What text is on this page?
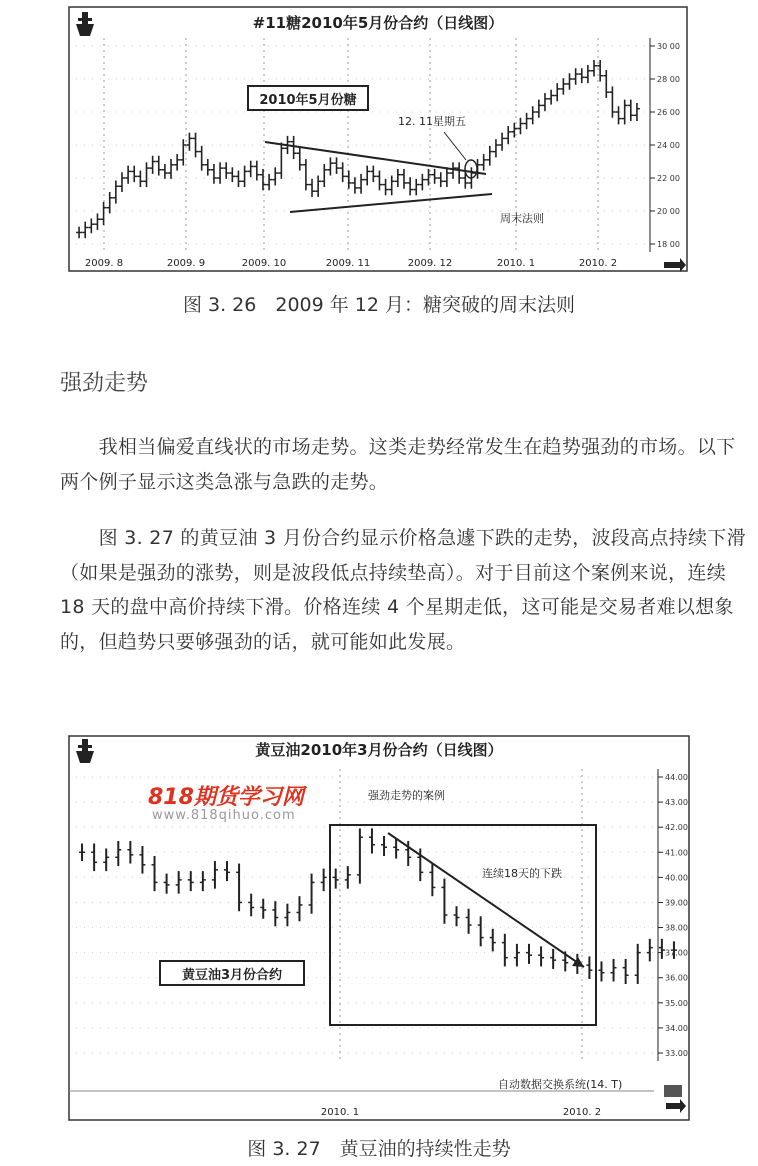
30 00
28 00
26 00
24 00
22 00
20 00
18 00
2009. 8	2009. 9	2009. 10	2009. 11	2009. 12	2010. 1	2010. 2
#11糖2010年5月份合约（日线图）
2010年5月份糖
12. 11星期五
周末法则
图 3. 26　2009 年 12 月：糖突破的周末法则
强劲走势
　　我相当偏爱直线状的市场走势。这类走势经常发生在趋势强劲的市场。以下两个例子显示这类急涨与急跌的走势。
　　图 3. 27 的黄豆油 3 月份合约显示价格急遽下跌的走势，波段高点持续下滑（如果是强劲的涨势，则是波段低点持续垫高）。对于目前这个案例来说，连续 18 天的盘中高价持续下滑。价格连续 4 个星期走低，这可能是交易者难以想象的，但趋势只要够强劲的话，就可能如此发展。
44.00
43.00
42.00
41.00
40.00
39.00
38.00
37.00
36.00
35.00
34.00
33.00
2010. 1	2010. 2
黄豆油2010年3月份合约（日线图）
强劲走势的案例
连续18天的下跌
黄豆油3月份合约
自动数据交换系统(14. T)
818期货学习网
www.818qihuo.com
图 3. 27　黄豆油的持续性走势
